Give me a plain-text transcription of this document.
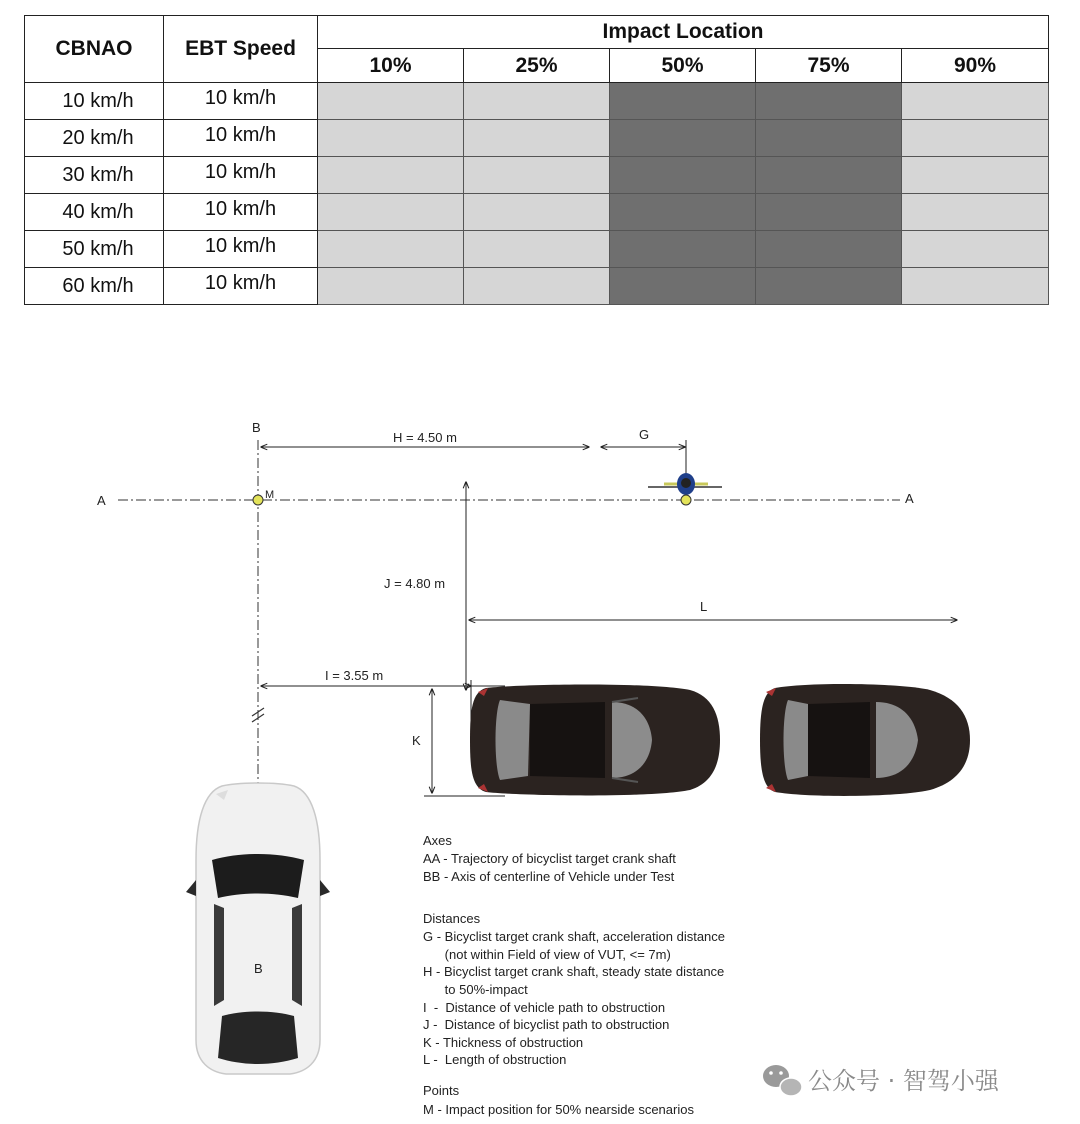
CBNAO	EBT Speed	Impact Location				
		10%	25%	50%	75%	90%
10 km/h	10 km/h					
20 km/h	10 km/h					
30 km/h	10 km/h					
40 km/h	10 km/h					
50 km/h	10 km/h					
60 km/h	10 km/h					
A	A
B
M
H = 4.50 m	G
J = 4.80 m
L
I = 3.55 m
K
B
Axes
AA - Trajectory of bicyclist target crank shaft
BB - Axis of centerline of Vehicle under Test
Distances
G - Bicyclist target crank shaft, acceleration distance
(not within Field of view of VUT, <= 7m)
H - Bicyclist target crank shaft, steady state distance
to 50%-impact
I  -  Distance of vehicle path to obstruction
J -  Distance of bicyclist path to obstruction
K - Thickness of obstruction
L -  Length of obstruction
Points
M - Impact position for 50% nearside scenarios
公众号 · 智驾小强
